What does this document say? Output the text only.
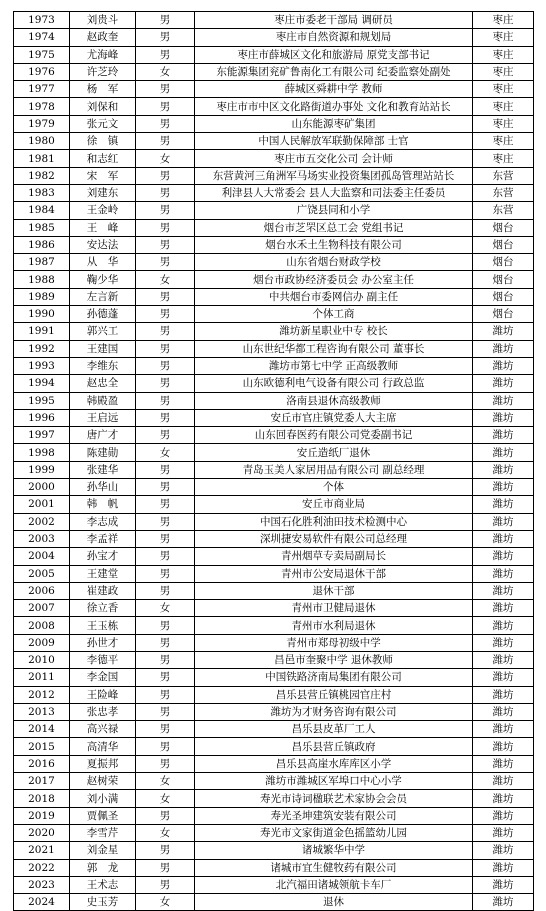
1973	刘贵斗	男	枣庄市委老干部局 调研员	枣庄
1974	赵政奎	男	枣庄市自然资源和规划局	枣庄
1975	尤海峰	男	枣庄市薛城区文化和旅游局 原党支部书记	枣庄
1976	许芝玲	女	东能源集团兖矿鲁南化工有限公司 纪委监察处副处	枣庄
1977	杨　军	男	薛城区舜耕中学 教师	枣庄
1978	刘保和	男	枣庄市市中区文化路街道办事处 文化和教育站站长	枣庄
1979	张元文	男	山东能源枣矿集团	枣庄
1980	徐　镇	男	中国人民解放军联勤保障部 士官	枣庄
1981	和志红	女	枣庄市五交化公司 会计师	枣庄
1982	宋　军	男	东营黄河三角洲军马场实业投资集团孤岛管理站站长	东营
1983	刘建东	男	利津县人大常委会 县人大监察和司法委主任委员	东营
1984	王金岭	男	广饶县同和小学	东营
1985	王　峰	男	烟台市芝罘区总工会 党组书记	烟台
1986	安达法	男	烟台水禾土生物科技有限公司	烟台
1987	从　华	男	山东省烟台财政学校	烟台
1988	鞠少华	女	烟台市政协经济委员会 办公室主任	烟台
1989	左言新	男	中共烟台市委网信办 副主任	烟台
1990	孙德蓬	男	个体工商	烟台
1991	郭兴工	男	潍坊新星职业中专 校长	潍坊
1992	王建国	男	山东世纪华都工程咨询有限公司 董事长	潍坊
1993	李维东	男	潍坊市第七中学 正高级教师	潍坊
1994	赵忠全	男	山东欧德利电气设备有限公司 行政总监	潍坊
1995	韩殿盈	男	洛南县退休高级教师	潍坊
1996	王启远	男	安丘市官庄镇党委人大主席	潍坊
1997	唐广才	男	山东回春医药有限公司党委副书记	潍坊
1998	陈建勋	女	安丘造纸厂退休	潍坊
1999	张建华	男	青岛玉美人家居用品有限公司 副总经理	潍坊
2000	孙华山	男	个体	潍坊
2001	韩　帆	男	安丘市商业局	潍坊
2002	李志成	男	中国石化胜利油田技术检测中心	潍坊
2003	李孟祥	男	深圳捷安易软件有限公司总经理	潍坊
2004	孙宝才	男	青州烟草专卖局副局长	潍坊
2005	王建堂	男	青州市公安局退休干部	潍坊
2006	崔建政	男	退休干部	潍坊
2007	徐立香	女	青州市卫健局退休	潍坊
2008	王玉栋	男	青州市水利局退休	潍坊
2009	孙世才	男	青州市郑母初级中学	潍坊
2010	李德平	男	昌邑市奎聚中学 退休教师	潍坊
2011	李金国	男	中国铁路济南局集团有限公司	潍坊
2012	王险峰	男	昌乐县营丘镇桃园官庄村	潍坊
2013	张忠孝	男	潍坊为才财务咨询有限公司	潍坊
2014	高兴禄	男	昌乐县皮革厂工人	潍坊
2015	高清华	男	昌乐县营丘镇政府	潍坊
2016	夏振邦	男	昌乐县高崖水库库区小学	潍坊
2017	赵树荣	女	潍坊市潍城区军埠口中心小学	潍坊
2018	刘小满	女	寿光市诗词楹联艺术家协会会员	潍坊
2019	贾佩圣	男	寿光圣坤建筑安装有限公司	潍坊
2020	李雪芹	女	寿光市文家街道金色摇篮幼儿园	潍坊
2021	刘金星	男	诸城繁华中学	潍坊
2022	郭　龙	男	诸城市宜生健牧药有限公司	潍坊
2023	王术志	男	北汽福田诸城领航卡车厂	潍坊
2024	史玉芳	女	退休	潍坊
